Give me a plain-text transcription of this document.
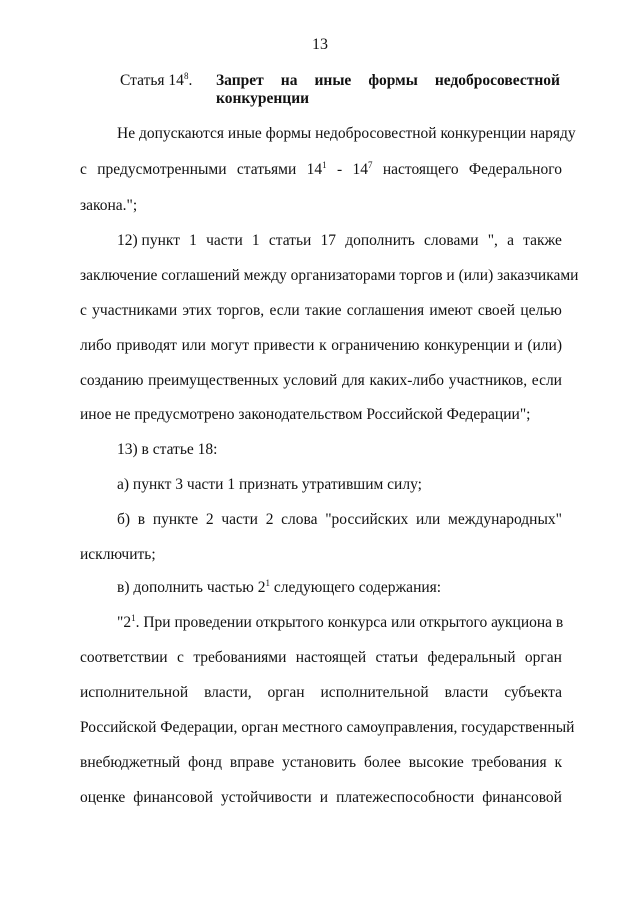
13
Статья $14^8$. Запрет на иные формы недобросовестной
конкуренции
Не допускаются иные формы недобросовестной конкуренции наряду
с предусмотренными статьями $14^1 - 14^7$ настоящего Федерального
закона.";
12) пункт 1 части 1 статьи 17 дополнить словами ", а также
заключение соглашений между организаторами торгов и (или) заказчиками
с участниками этих торгов, если такие соглашения имеют своей целью
либо приводят или могут привести к ограничению конкуренции и (или)
созданию преимущественных условий для каких-либо участников, если
иное не предусмотрено законодательством Российской Федерации";
13) в статье 18:
а) пункт 3 части 1 признать утратившим силу;
б) в пункте 2 части 2 слова "российских или международных"
исключить;
в) дополнить частью $2^1$ следующего содержания:
"$2^1$. При проведении открытого конкурса или открытого аукциона в
соответствии с требованиями настоящей статьи федеральный орган
исполнительной власти, орган исполнительной власти субъекта
Российской Федерации, орган местного самоуправления, государственный
внебюджетный фонд вправе установить более высокие требования к
оценке финансовой устойчивости и платежеспособности финансовой
